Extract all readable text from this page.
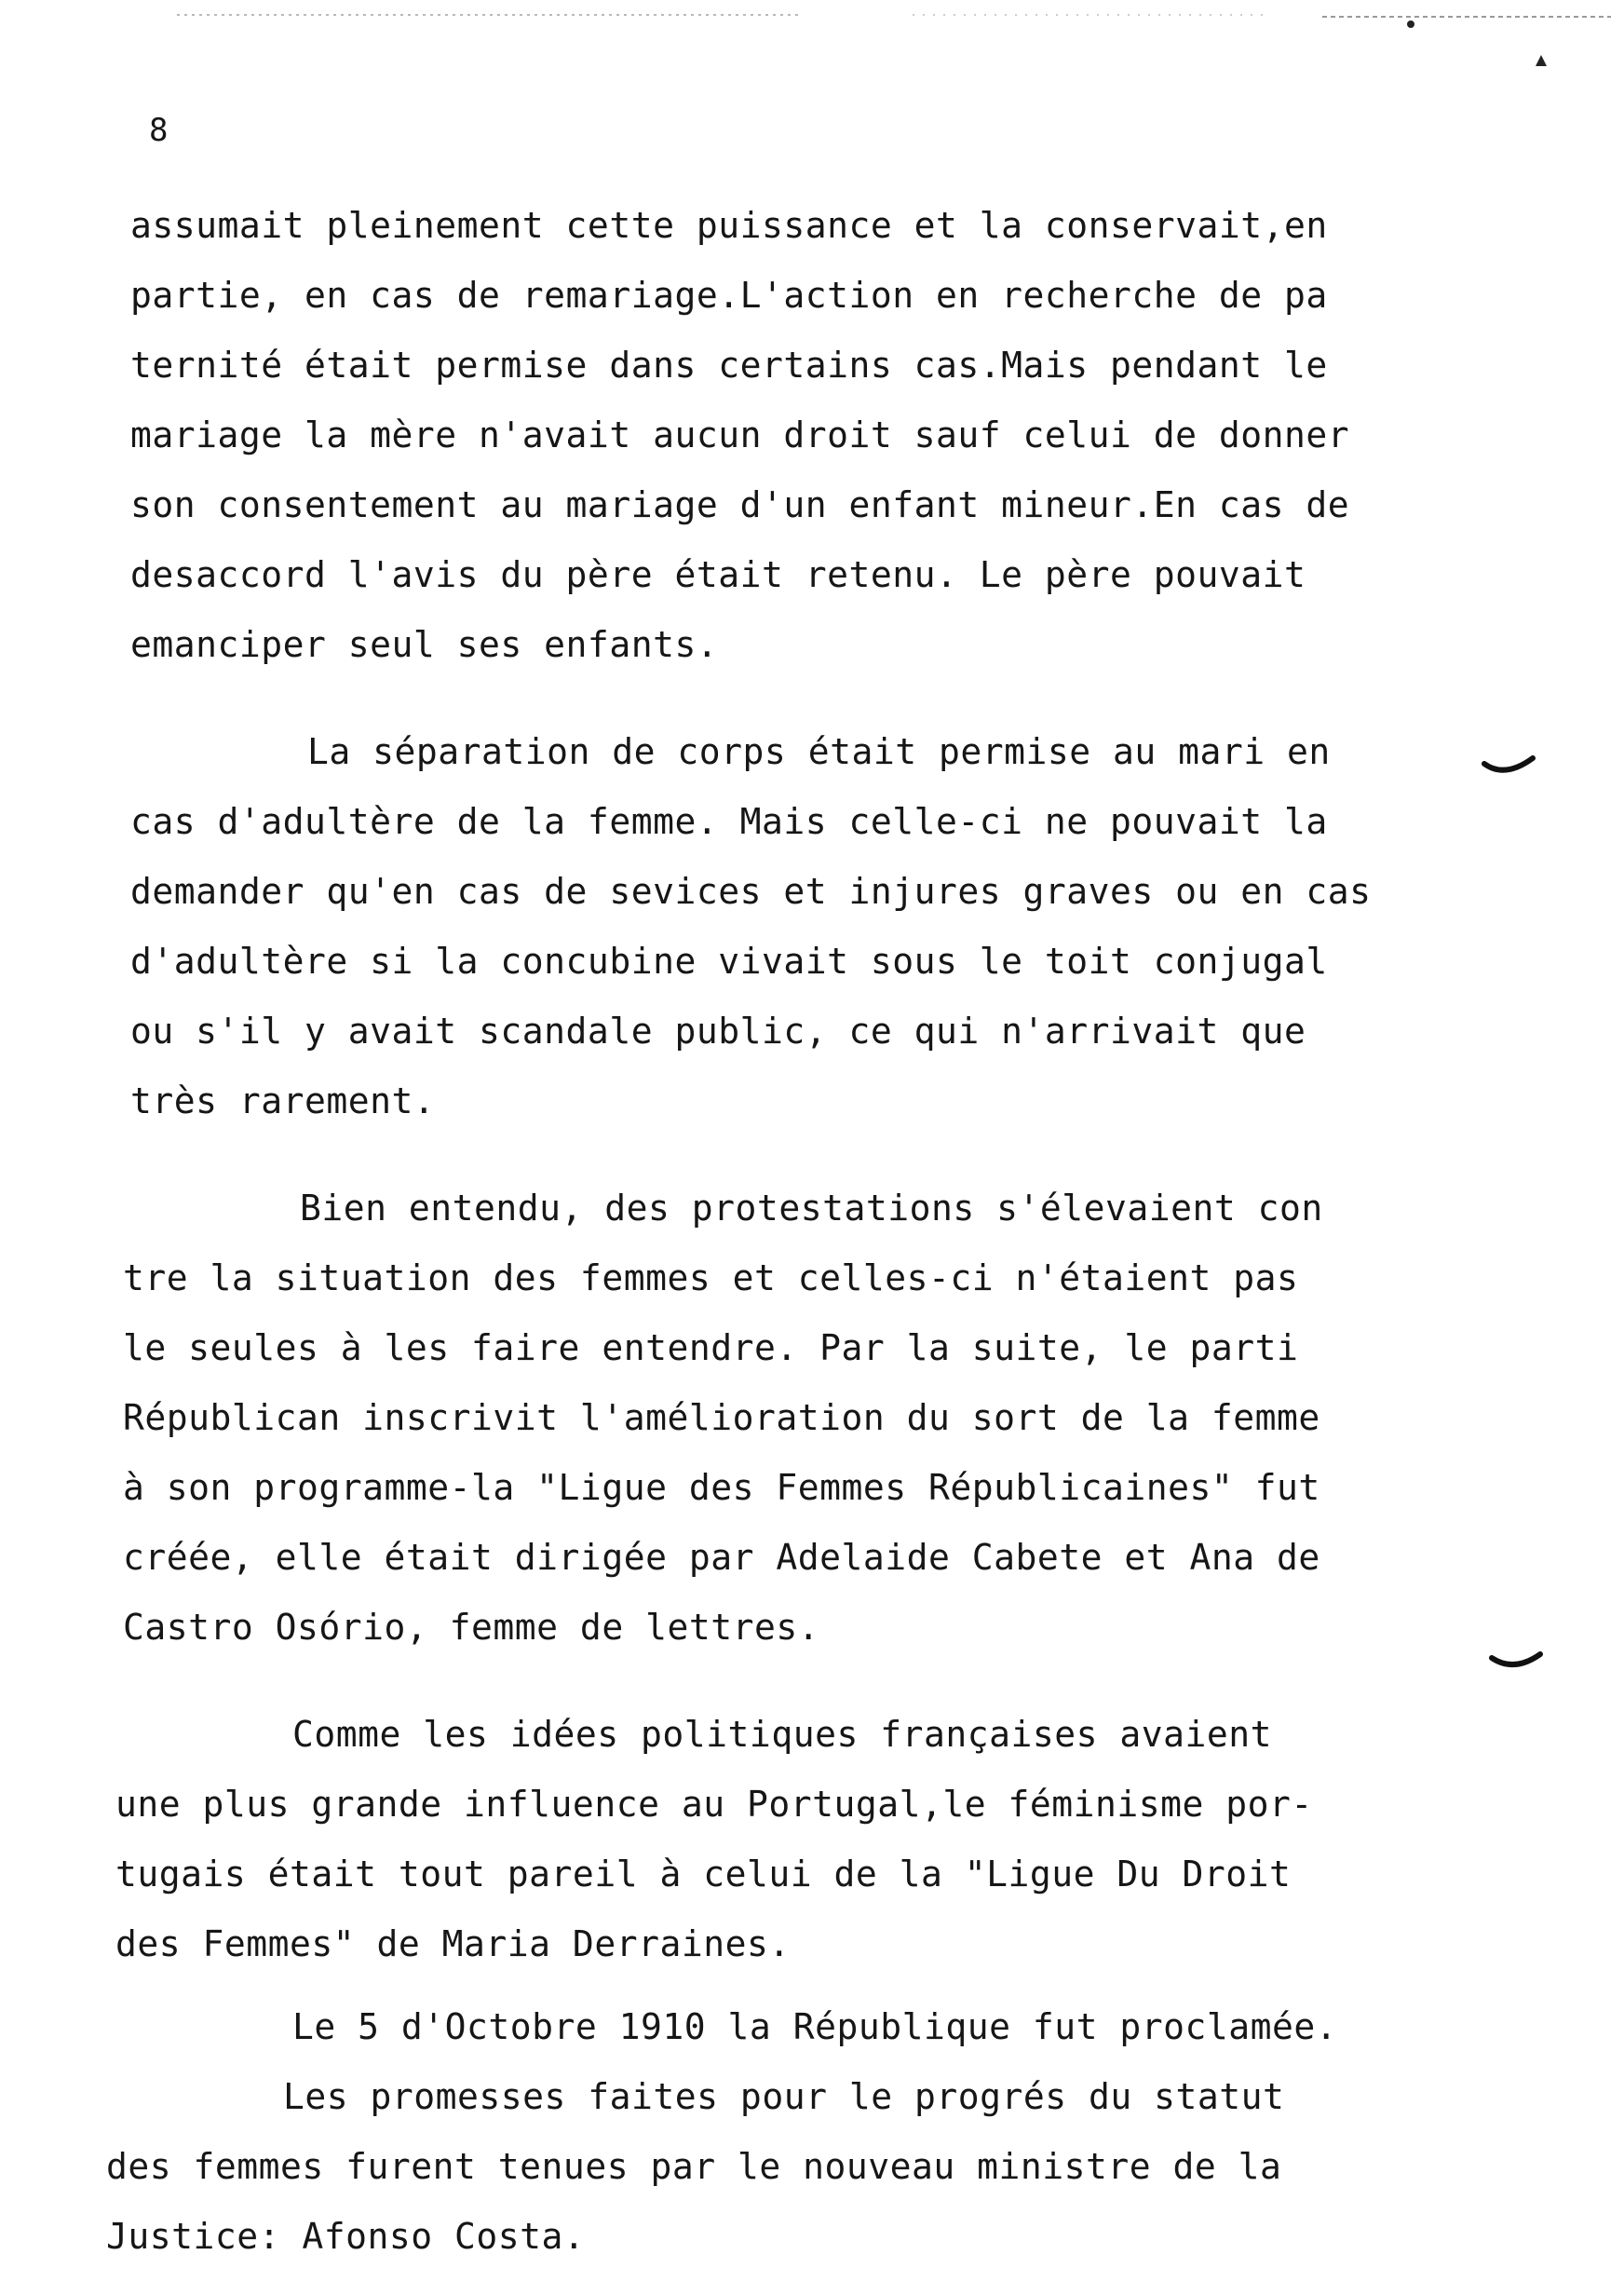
8
assumait pleinement cette puissance et la conservait,en
partie, en cas de remariage.L'action en recherche de pa
ternité était permise dans certains cas.Mais pendant le
mariage la mère n'avait aucun droit sauf celui de donner
son consentement au mariage d'un enfant mineur.En cas de
desaccord l'avis du père était retenu. Le père pouvait
emanciper seul ses enfants.
La séparation de corps était permise au mari en
cas d'adultère de la femme. Mais celle-ci ne pouvait la
demander qu'en cas de sevices et injures graves ou en cas
d'adultère si la concubine vivait sous le toit conjugal
ou s'il y avait scandale public, ce qui n'arrivait que
très rarement.
Bien entendu, des protestations s'élevaient con
tre la situation des femmes et celles-ci n'étaient pas
le seules à les faire entendre. Par la suite, le parti
Républican inscrivit l'amélioration du sort de la femme
à son programme-la "Ligue des Femmes Républicaines" fut
créée, elle était dirigée par Adelaide Cabete et Ana de
Castro Osório, femme de lettres.
Comme les idées politiques françaises avaient
une plus grande influence au Portugal,le féminisme por-
tugais était tout pareil à celui de la "Ligue Du Droit
des Femmes" de Maria Derraines.
Le 5 d'Octobre 1910 la République fut proclamée.
Les promesses faites pour le progrés du statut
des femmes furent tenues par le nouveau ministre de la
Justice: Afonso Costa.
